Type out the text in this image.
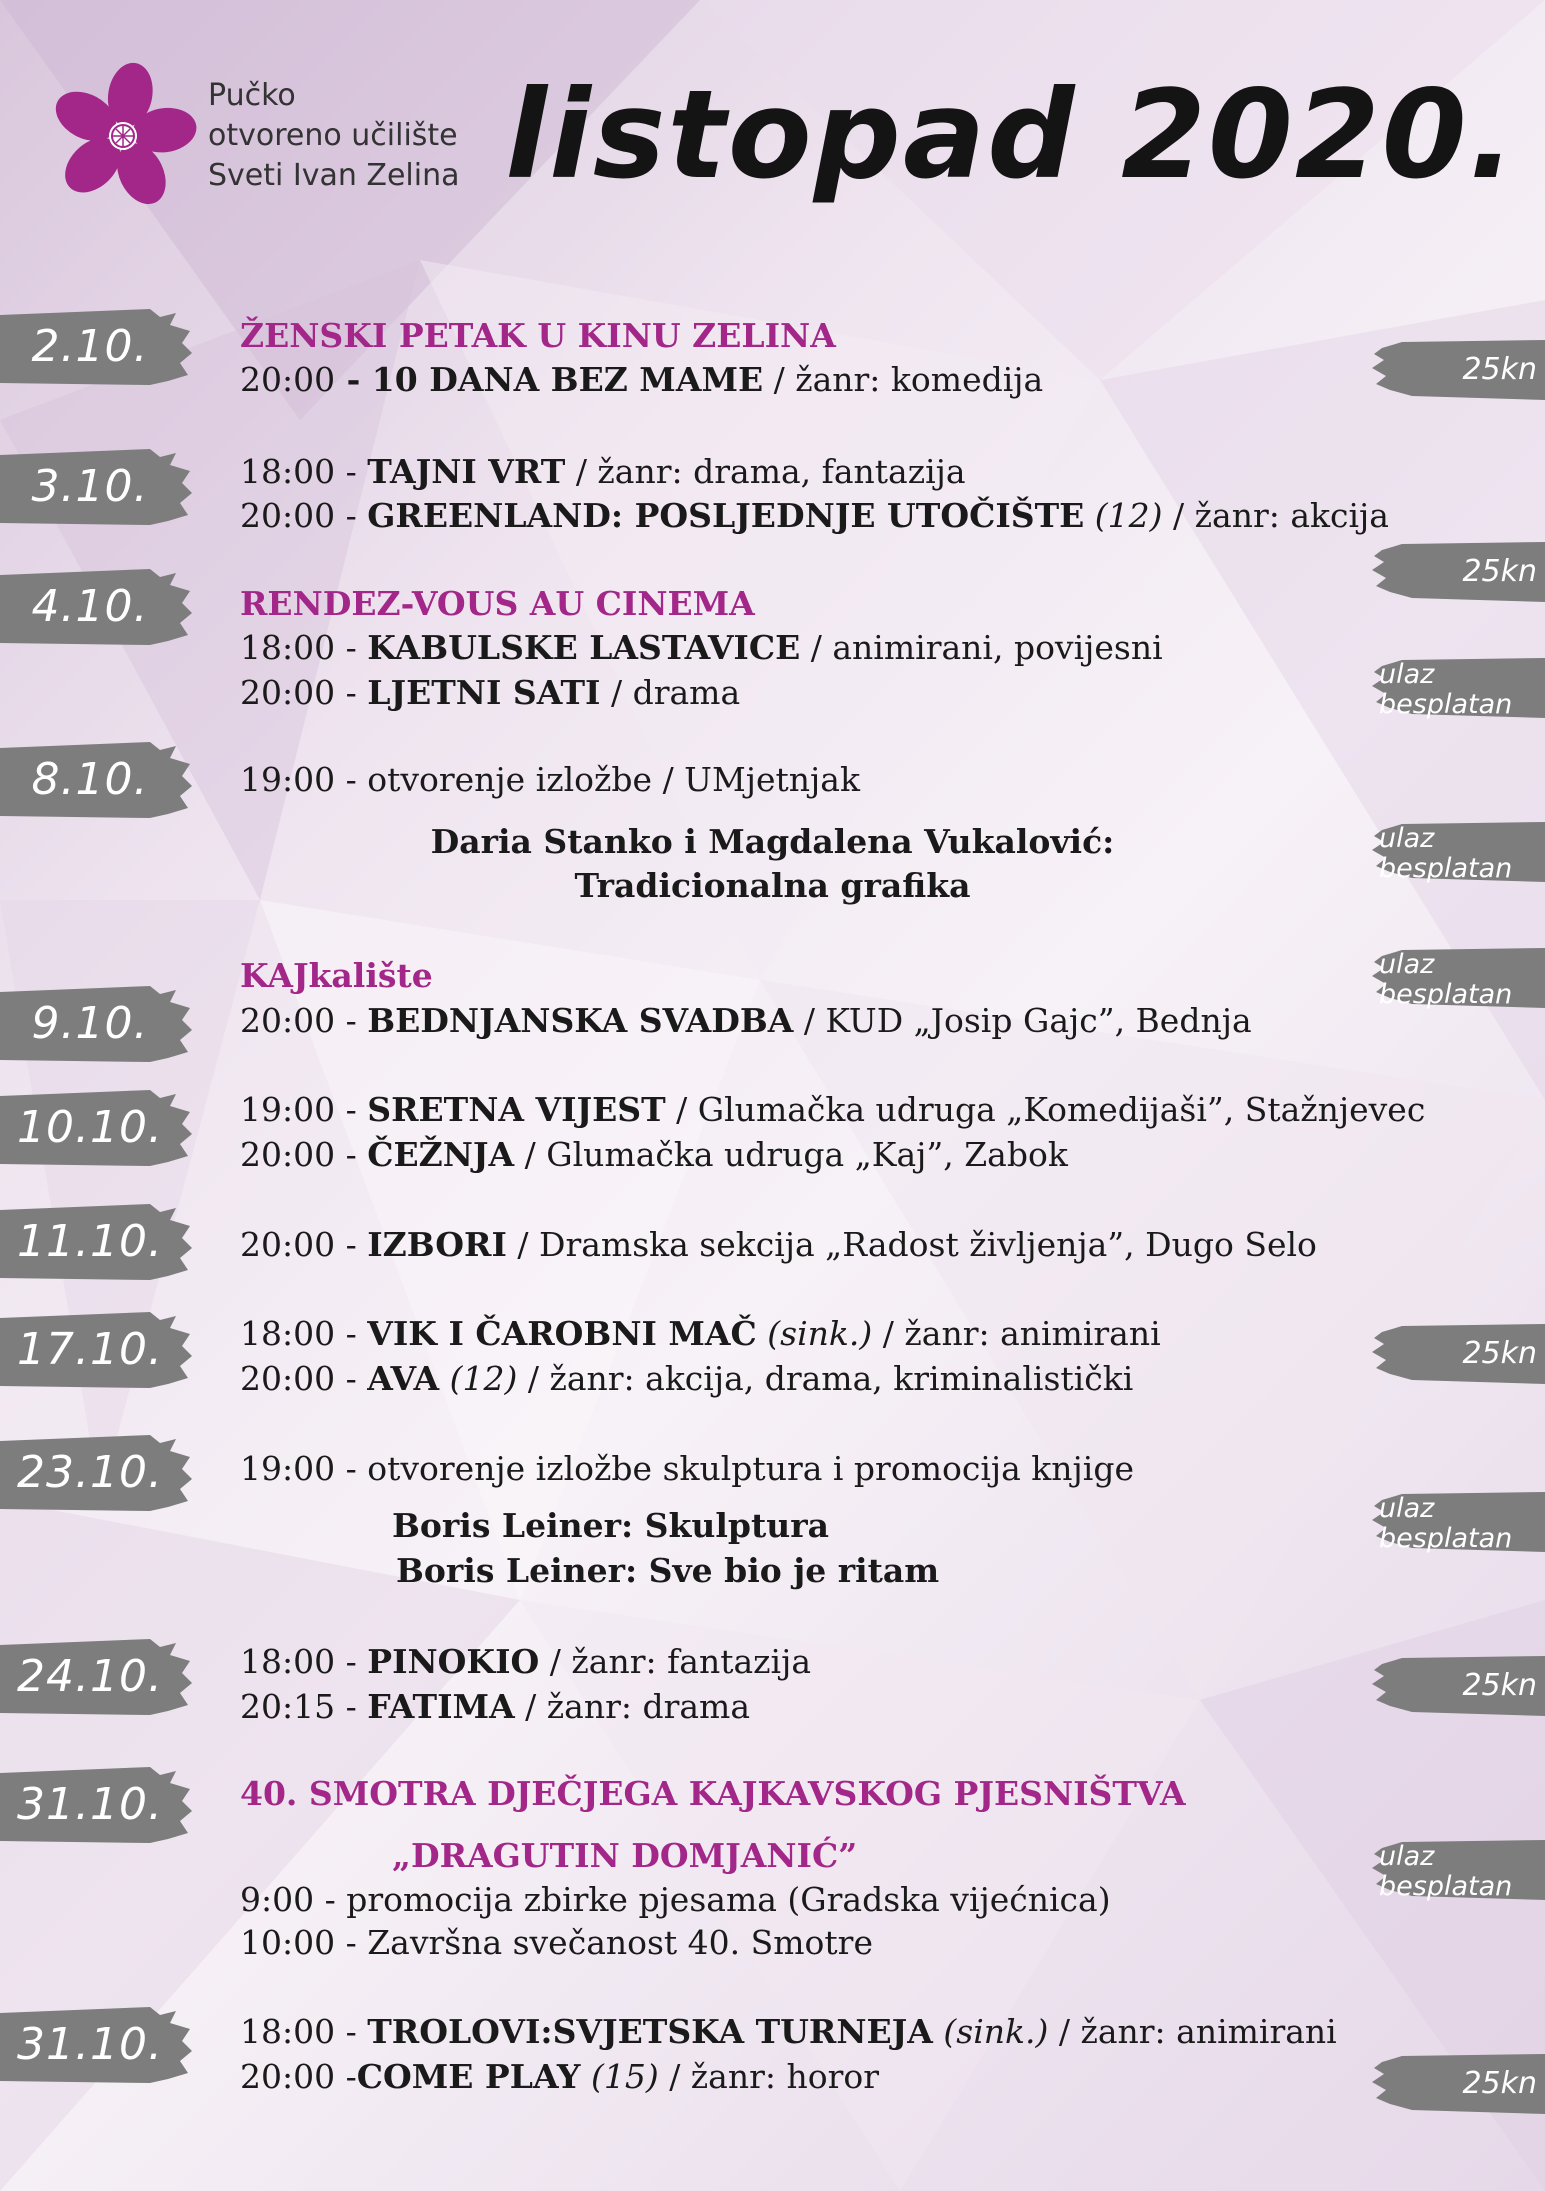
Pučko
otvoreno učilište
Sveti Ivan Zelina listopad 2020.
2.10.
3.10.
4.10.
8.10.
9.10.
10.10.
11.10.
17.10.
23.10.
24.10.
31.10.
31.10.
25kn
25kn
ulaz
besplatan
ulaz
besplatan
ulaz
besplatan
25kn
ulaz
besplatan
25kn
ulaz
besplatan
25kn
ŽENSKI PETAK U KINU ZELINA
20:00 - 10 DANA BEZ MAME / žanr: komedija
18:00 - TAJNI VRT / žanr: drama, fantazija
20:00 - GREENLAND: POSLJEDNJE UTOČIŠTE (12) / žanr: akcija
RENDEZ-VOUS AU CINEMA
18:00 - KABULSKE LASTAVICE / animirani, povijesni
20:00 - LJETNI SATI / drama
19:00 - otvorenje izložbe / UMjetnjak
Daria Stanko i Magdalena Vukalović:
Tradicionalna grafika
KAJkalište
20:00 - BEDNJANSKA SVADBA / KUD „Josip Gajc”, Bednja
19:00 - SRETNA VIJEST / Glumačka udruga „Komedijaši”, Stažnjevec
20:00 - ČEŽNJA / Glumačka udruga „Kaj”, Zabok
20:00 - IZBORI / Dramska sekcija „Radost življenja”, Dugo Selo
18:00 - VIK I ČAROBNI MAČ (sink.) / žanr: animirani
20:00 - AVA (12) / žanr: akcija, drama, kriminalistički
19:00 - otvorenje izložbe skulptura i promocija knjige
Boris Leiner: Skulptura
Boris Leiner: Sve bio je ritam
18:00 - PINOKIO / žanr: fantazija
20:15 - FATIMA / žanr: drama
40. SMOTRA DJEČJEGA KAJKAVSKOG PJESNIŠTVA
„DRAGUTIN DOMJANIĆ”
9:00 - promocija zbirke pjesama (Gradska vijećnica)
10:00 - Završna svečanost 40. Smotre
18:00 - TROLOVI:SVJETSKA TURNEJA (sink.) / žanr: animirani
20:00 -COME PLAY (15) / žanr: horor
